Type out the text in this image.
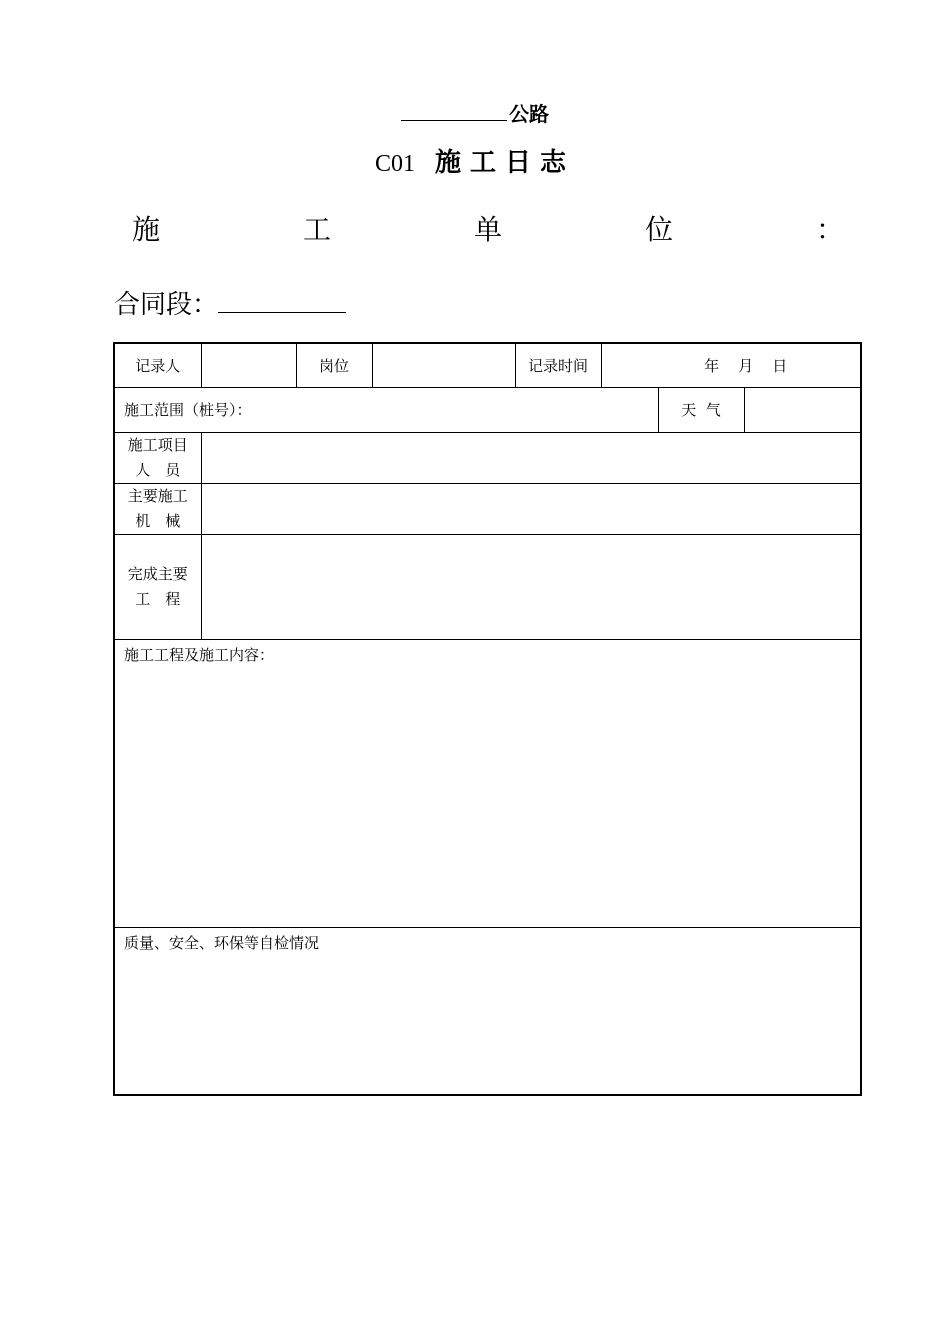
公路
C01 施工日志
施	工	单	位	：
合同段：
记录人		岗位		记录时间	年 月 日		
施工范围（桩号）：						天  气	

施工项目
人　员							

主要施工
机　械							

完成主要
工　程							

施工工程及施工内容：							
质量、安全、环保等自检情况							
